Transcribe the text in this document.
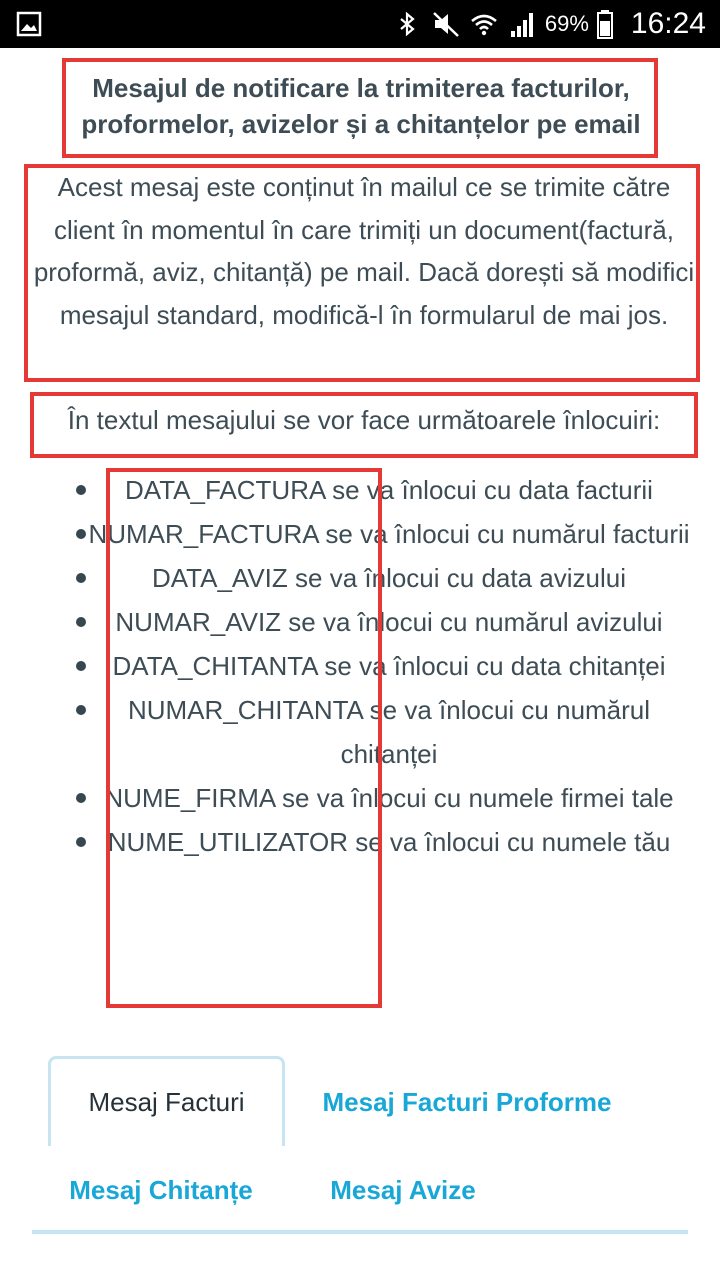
69% 16:24
Mesajul de notificare la trimiterea facturilor, proformelor, avizelor și a chitanțelor pe email
Acest mesaj este conținut în mailul ce se trimite către client în momentul în care trimiți un document(factură, proformă, aviz, chitanță) pe mail. Dacă dorești să modifici mesajul standard, modifică-l în formularul de mai jos.
În textul mesajului se vor face următoarele înlocuiri:
DATA_FACTURA se va înlocui cu data facturii
NUMAR_FACTURA se va înlocui cu numărul facturii
DATA_AVIZ se va înlocui cu data avizului
NUMAR_AVIZ se va înlocui cu numărul avizului
DATA_CHITANTA se va înlocui cu data chitanței
NUMAR_CHITANTA se va înlocui cu numărul chitanței
NUME_FIRMA se va înlocui cu numele firmei tale
NUME_UTILIZATOR se va înlocui cu numele tău
Mesaj Facturi	Mesaj Facturi Proforme
Mesaj Chitanțe	Mesaj Avize
